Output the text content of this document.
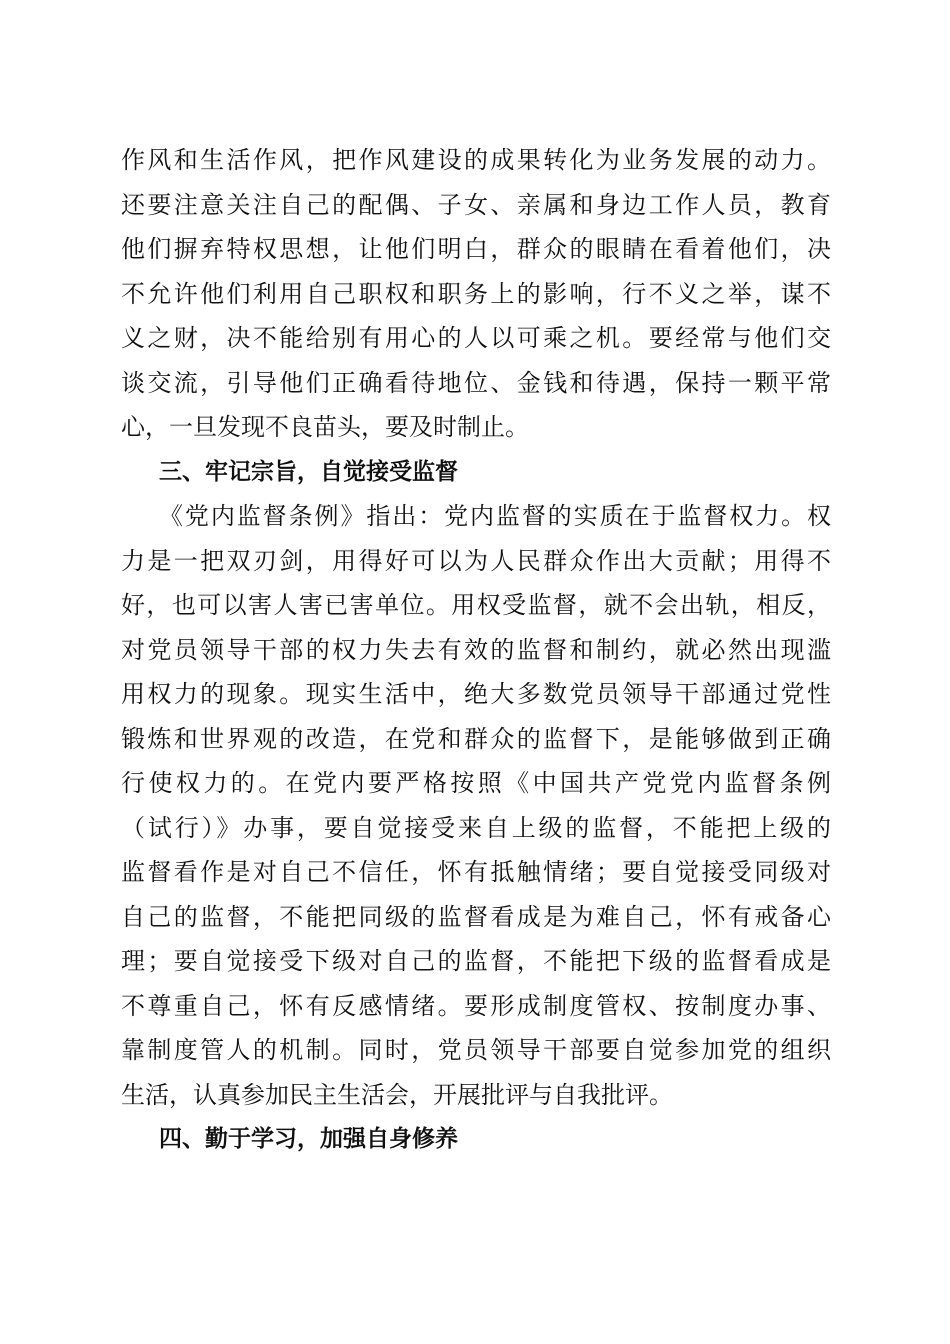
作风和生活作风，把作风建设的成果转化为业务发展的动力。
还要注意关注自己的配偶、子女、亲属和身边工作人员，教育
他们摒弃特权思想，让他们明白，群众的眼睛在看着他们，决
不允许他们利用自己职权和职务上的影响，行不义之举，谋不
义之财，决不能给别有用心的人以可乘之机。要经常与他们交
谈交流，引导他们正确看待地位、金钱和待遇，保持一颗平常
心，一旦发现不良苗头，要及时制止。
三、牢记宗旨，自觉接受监督
《党内监督条例》指出：党内监督的实质在于监督权力。权
力是一把双刃剑，用得好可以为人民群众作出大贡献；用得不
好，也可以害人害已害单位。用权受监督，就不会出轨，相反，
对党员领导干部的权力失去有效的监督和制约，就必然出现滥
用权力的现象。现实生活中，绝大多数党员领导干部通过党性
锻炼和世界观的改造，在党和群众的监督下，是能够做到正确
行使权力的。在党内要严格按照《中国共产党党内监督条例
（试行）》办事，要自觉接受来自上级的监督，不能把上级的
监督看作是对自己不信任，怀有抵触情绪；要自觉接受同级对
自己的监督，不能把同级的监督看成是为难自己，怀有戒备心
理；要自觉接受下级对自己的监督，不能把下级的监督看成是
不尊重自己，怀有反感情绪。要形成制度管权、按制度办事、
靠制度管人的机制。同时，党员领导干部要自觉参加党的组织
生活，认真参加民主生活会，开展批评与自我批评。
四、勤于学习，加强自身修养
